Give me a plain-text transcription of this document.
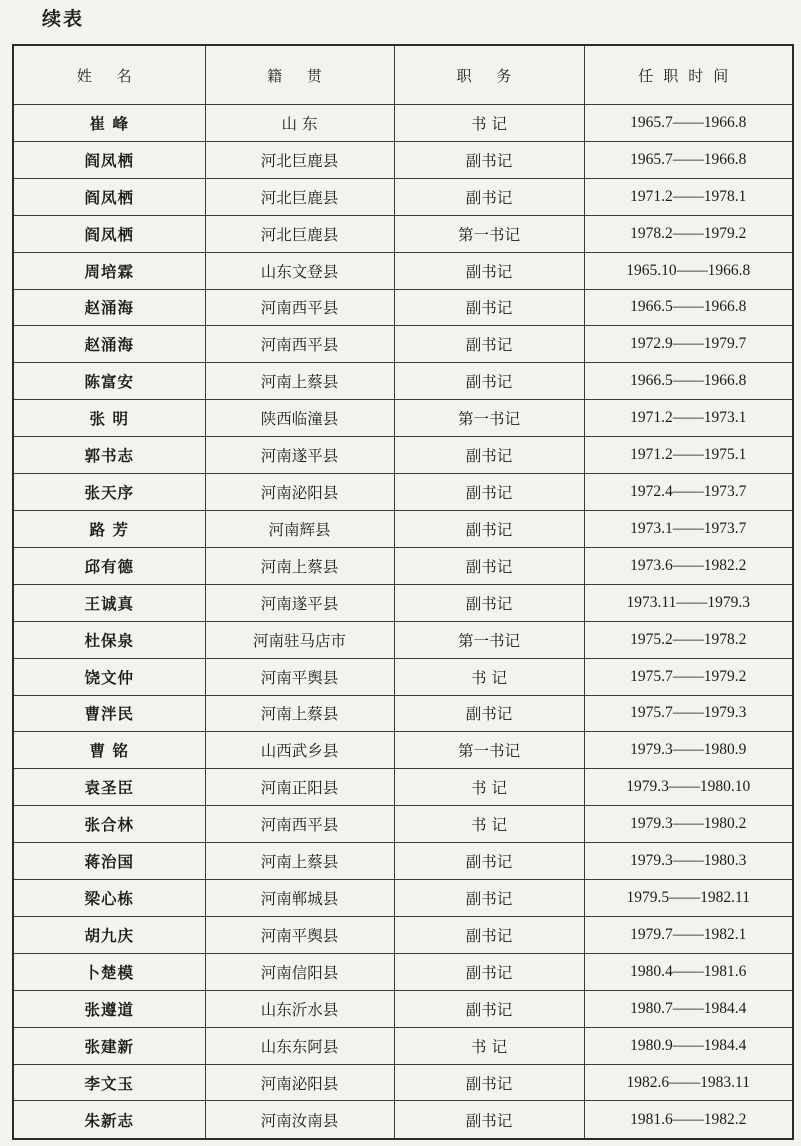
续表
姓 名	籍 贯	职 务	任职时间
崔 峰	山 东	书 记	1965.7——1966.8
阎凤栖	河北巨鹿县	副书记	1965.7——1966.8
阎凤栖	河北巨鹿县	副书记	1971.2——1978.1
阎凤栖	河北巨鹿县	第一书记	1978.2——1979.2
周培霖	山东文登县	副书记	1965.10——1966.8
赵涌海	河南西平县	副书记	1966.5——1966.8
赵涌海	河南西平县	副书记	1972.9——1979.7
陈富安	河南上蔡县	副书记	1966.5——1966.8
张 明	陕西临潼县	第一书记	1971.2——1973.1
郭书志	河南遂平县	副书记	1971.2——1975.1
张天序	河南泌阳县	副书记	1972.4——1973.7
路 芳	河南辉县	副书记	1973.1——1973.7
邱有德	河南上蔡县	副书记	1973.6——1982.2
王诚真	河南遂平县	副书记	1973.11——1979.3
杜保泉	河南驻马店市	第一书记	1975.2——1978.2
饶文仲	河南平舆县	书 记	1975.7——1979.2
曹泮民	河南上蔡县	副书记	1975.7——1979.3
曹 铭	山西武乡县	第一书记	1979.3——1980.9
袁圣臣	河南正阳县	书 记	1979.3——1980.10
张合林	河南西平县	书 记	1979.3——1980.2
蒋治国	河南上蔡县	副书记	1979.3——1980.3
梁心栋	河南郸城县	副书记	1979.5——1982.11
胡九庆	河南平舆县	副书记	1979.7——1982.1
卜楚模	河南信阳县	副书记	1980.4——1981.6
张遵道	山东沂水县	副书记	1980.7——1984.4
张建新	山东东阿县	书 记	1980.9——1984.4
李文玉	河南泌阳县	副书记	1982.6——1983.11
朱新志	河南汝南县	副书记	1981.6——1982.2
